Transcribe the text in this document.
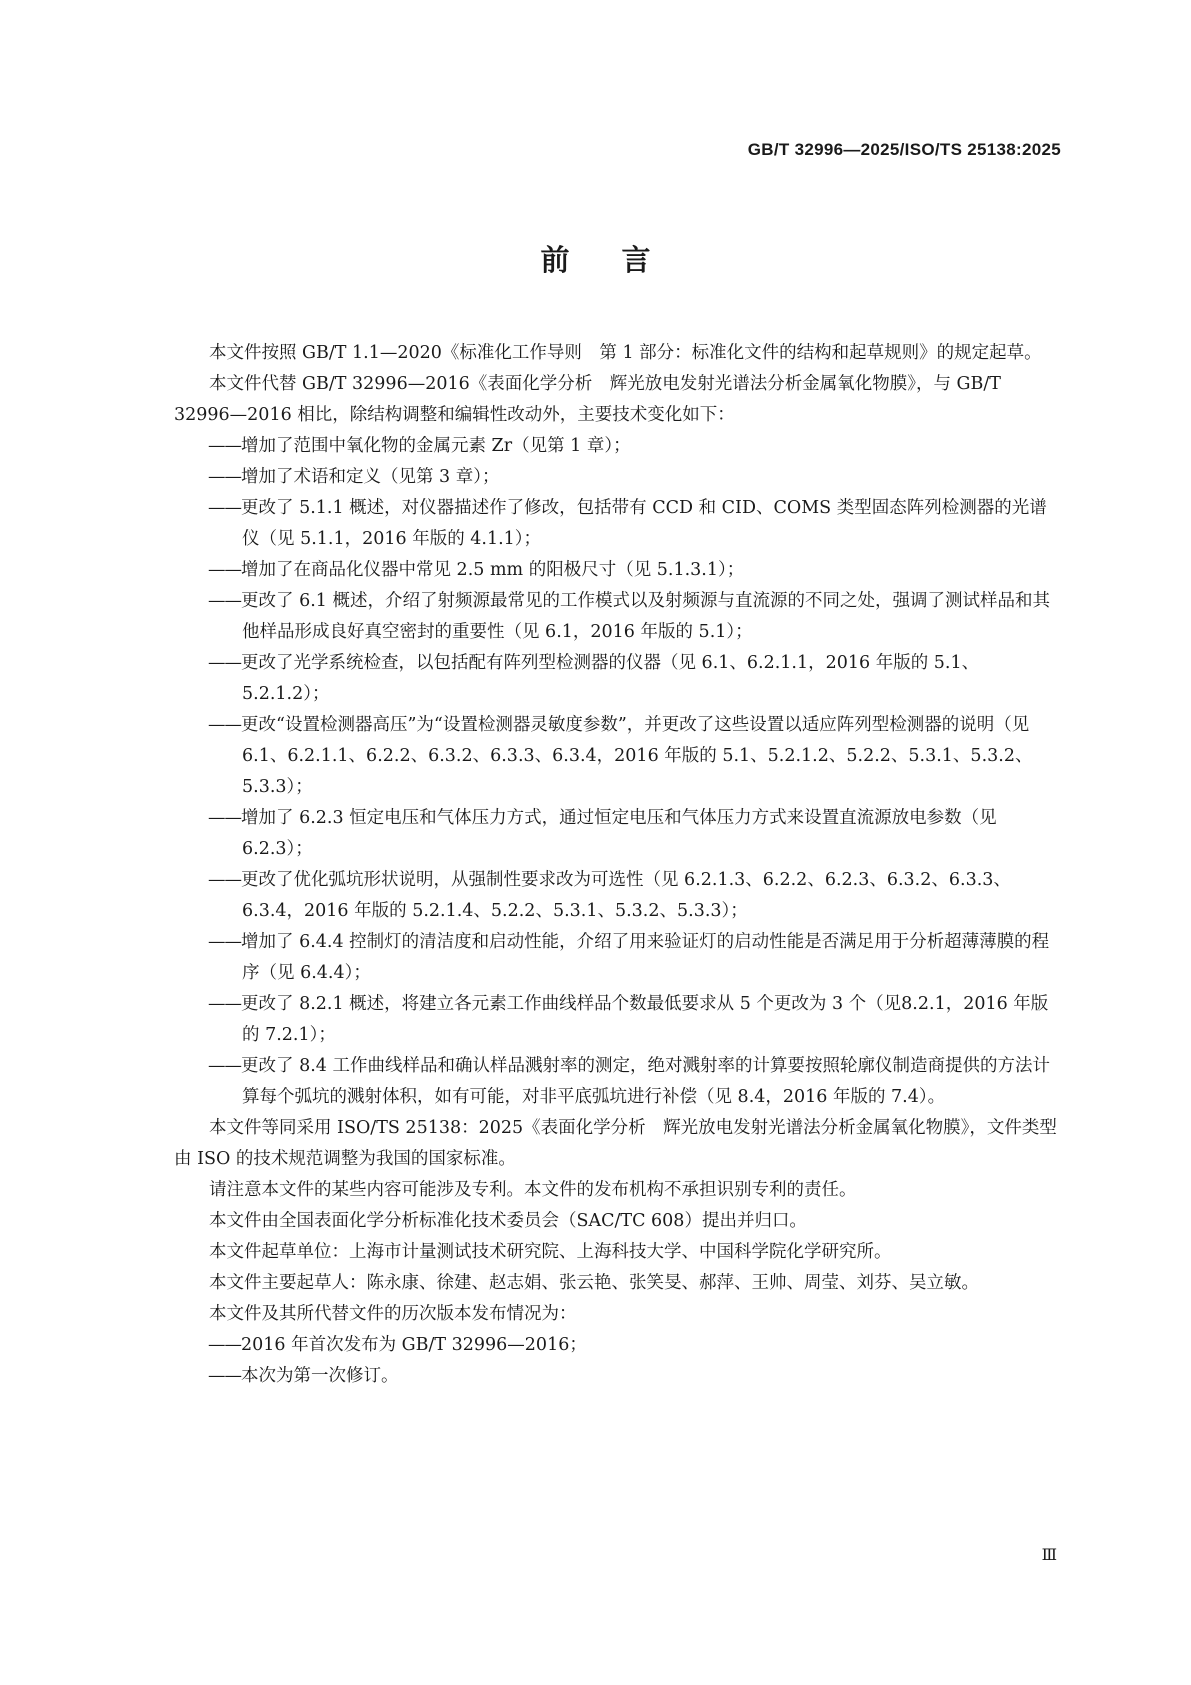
GB/T 32996—2025/ISO/TS 25138:2025
前言

本文件按照 GB/T 1.1—2020《标准化工作导则　第 1 部分：标准化文件的结构和起草规则》的规定起草。

本文件代替 GB/T 32996—2016《表面化学分析　辉光放电发射光谱法分析金属氧化物膜》，与 GB/T 32996—2016 相比，除结构调整和编辑性改动外，主要技术变化如下：

——增加了范围中氧化物的金属元素 Zr（见第 1 章）；

——增加了术语和定义（见第 3 章）；

——更改了 5.1.1 概述，对仪器描述作了修改，包括带有 CCD 和 CID、COMS 类型固态阵列检测器的光谱仪（见 5.1.1，2016 年版的 4.1.1）；

——增加了在商品化仪器中常见 2.5 mm 的阳极尺寸（见 5.1.3.1）；

——更改了 6.1 概述，介绍了射频源最常见的工作模式以及射频源与直流源的不同之处，强调了测试样品和其他样品形成良好真空密封的重要性（见 6.1，2016 年版的 5.1）；

——更改了光学系统检查，以包括配有阵列型检测器的仪器（见 6.1、6.2.1.1，2016 年版的 5.1、5.2.1.2）；

——更改“设置检测器高压”为“设置检测器灵敏度参数”，并更改了这些设置以适应阵列型检测器的说明（见 6.1、6.2.1.1、6.2.2、6.3.2、6.3.3、6.3.4，2016 年版的 5.1、5.2.1.2、5.2.2、5.3.1、5.3.2、5.3.3）；

——增加了 6.2.3 恒定电压和气体压力方式，通过恒定电压和气体压力方式来设置直流源放电参数（见 6.2.3）；

——更改了优化弧坑形状说明，从强制性要求改为可选性（见 6.2.1.3、6.2.2、6.2.3、6.3.2、6.3.3、6.3.4，2016 年版的 5.2.1.4、5.2.2、5.3.1、5.3.2、5.3.3）；

——增加了 6.4.4 控制灯的清洁度和启动性能，介绍了用来验证灯的启动性能是否满足用于分析超薄薄膜的程序（见 6.4.4）；

——更改了 8.2.1 概述，将建立各元素工作曲线样品个数最低要求从 5 个更改为 3 个（见8.2.1，2016 年版的 7.2.1）；

——更改了 8.4 工作曲线样品和确认样品溅射率的测定，绝对溅射率的计算要按照轮廓仪制造商提供的方法计算每个弧坑的溅射体积，如有可能，对非平底弧坑进行补偿（见 8.4，2016 年版的 7.4）。

本文件等同采用 ISO/TS 25138：2025《表面化学分析　辉光放电发射光谱法分析金属氧化物膜》，文件类型由 ISO 的技术规范调整为我国的国家标准。

请注意本文件的某些内容可能涉及专利。本文件的发布机构不承担识别专利的责任。

本文件由全国表面化学分析标准化技术委员会（SAC/TC 608）提出并归口。

本文件起草单位：上海市计量测试技术研究院、上海科技大学、中国科学院化学研究所。

本文件主要起草人：陈永康、徐建、赵志娟、张云艳、张笑旻、郝萍、王帅、周莹、刘芬、吴立敏。

本文件及其所代替文件的历次版本发布情况为：

——2016 年首次发布为 GB/T 32996—2016；

——本次为第一次修订。

Ⅲ
